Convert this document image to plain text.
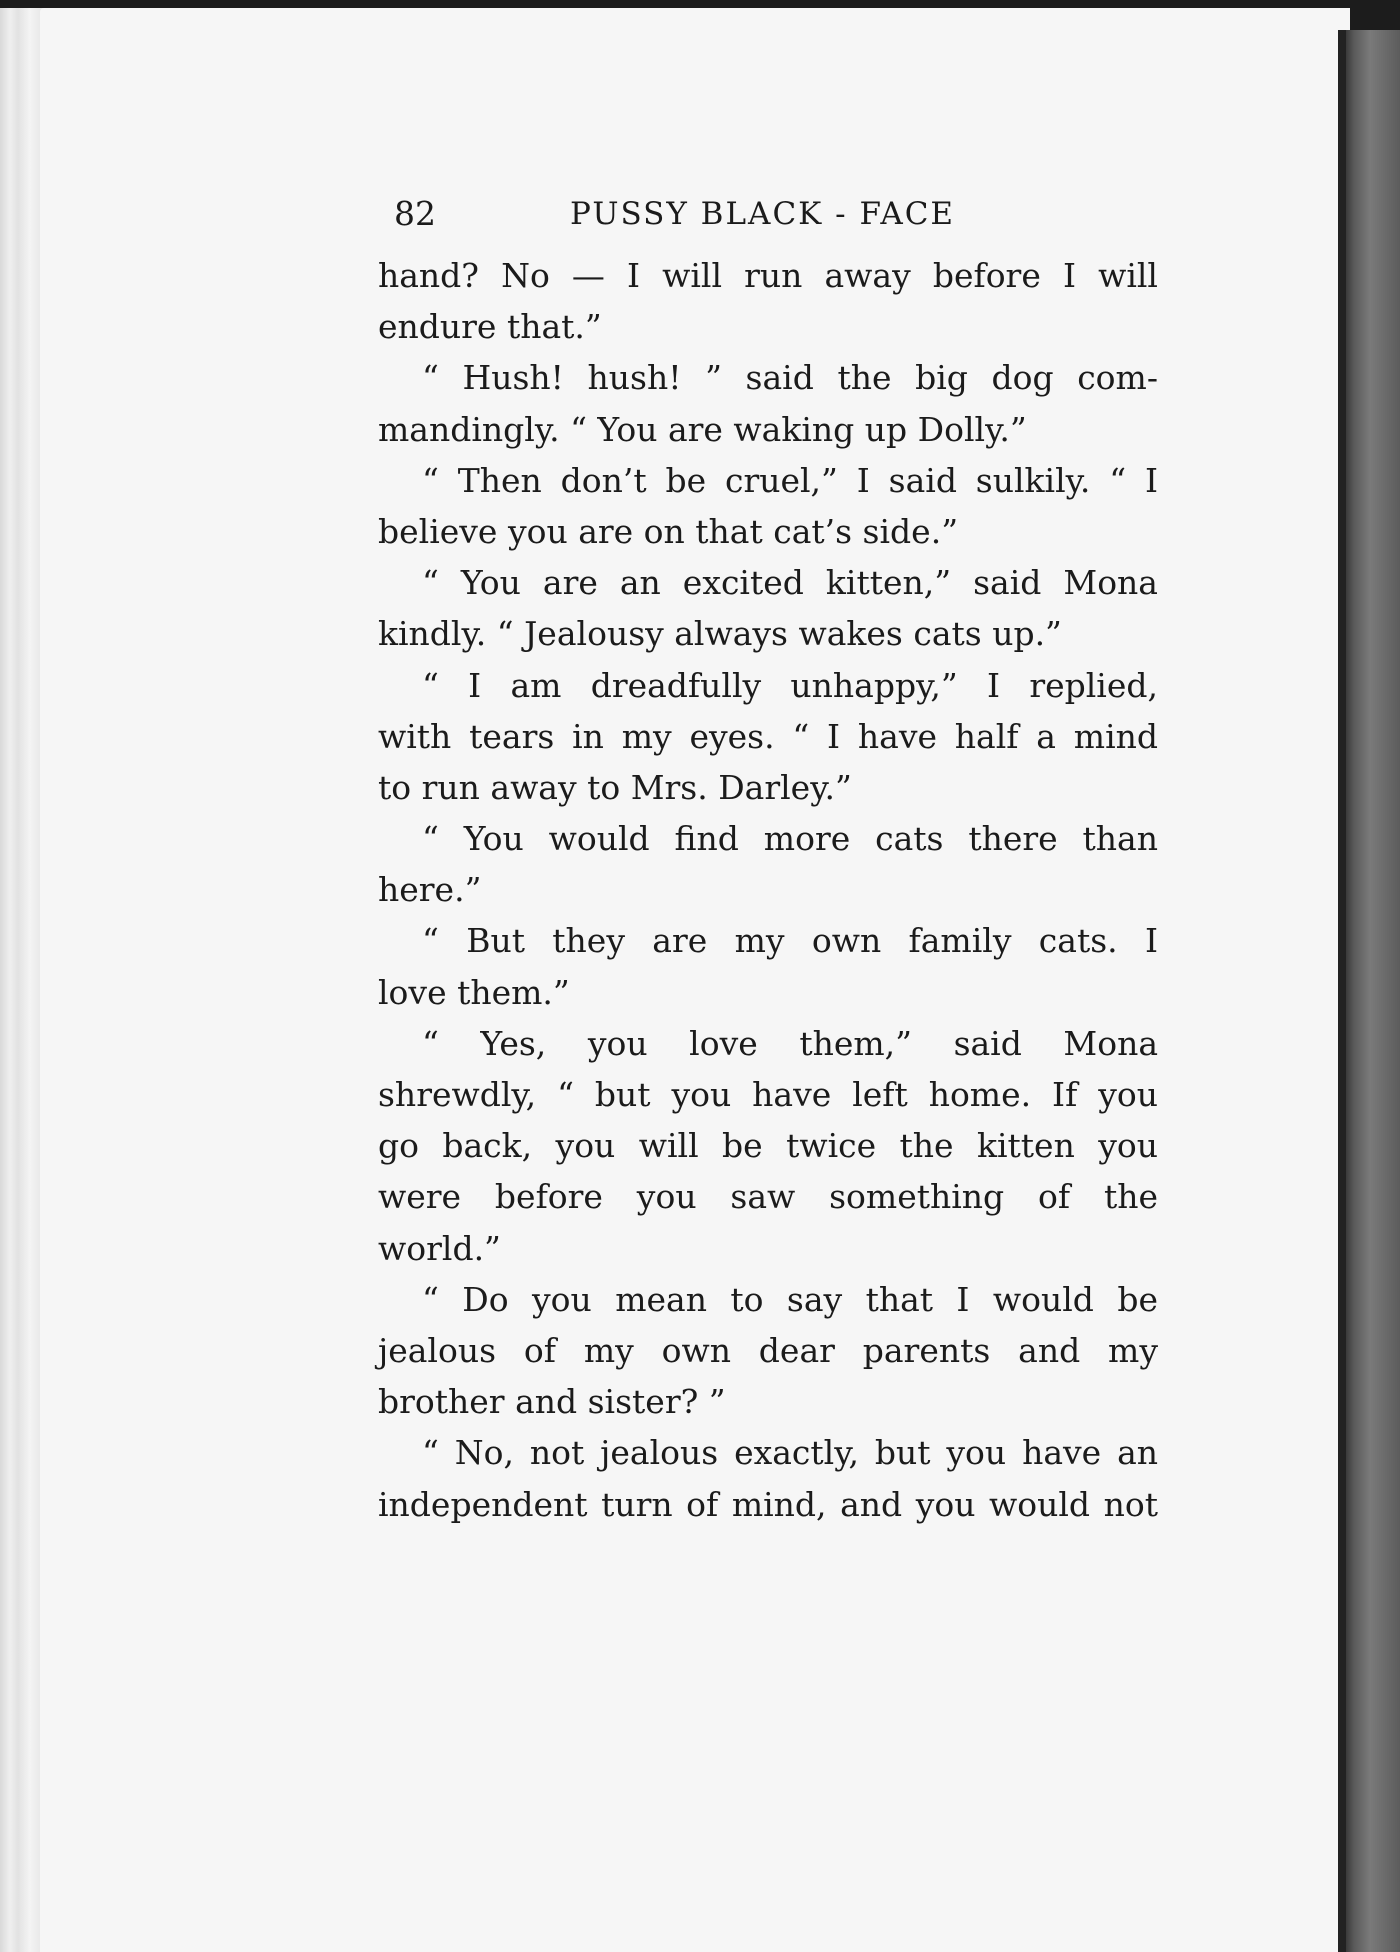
82	PUSSY BLACK - FACE
hand? No — I will run away before I will
endure that.”
“ Hush! hush! ” said the big dog com-
mandingly. “ You are waking up Dolly.”
“ Then don’t be cruel,” I said sulkily. “ I
believe you are on that cat’s side.”
“ You are an excited kitten,” said Mona
kindly. “ Jealousy always wakes cats up.”
“ I am dreadfully unhappy,” I replied,
with tears in my eyes. “ I have half a mind
to run away to Mrs. Darley.”
“ You would find more cats there than
here.”
“ But they are my own family cats. I
love them.”
“ Yes, you love them,” said Mona
shrewdly, “ but you have left home. If you
go back, you will be twice the kitten you
were before you saw something of the
world.”
“ Do you mean to say that I would be
jealous of my own dear parents and my
brother and sister? ”
“ No, not jealous exactly, but you have an
independent turn of mind, and you would not
